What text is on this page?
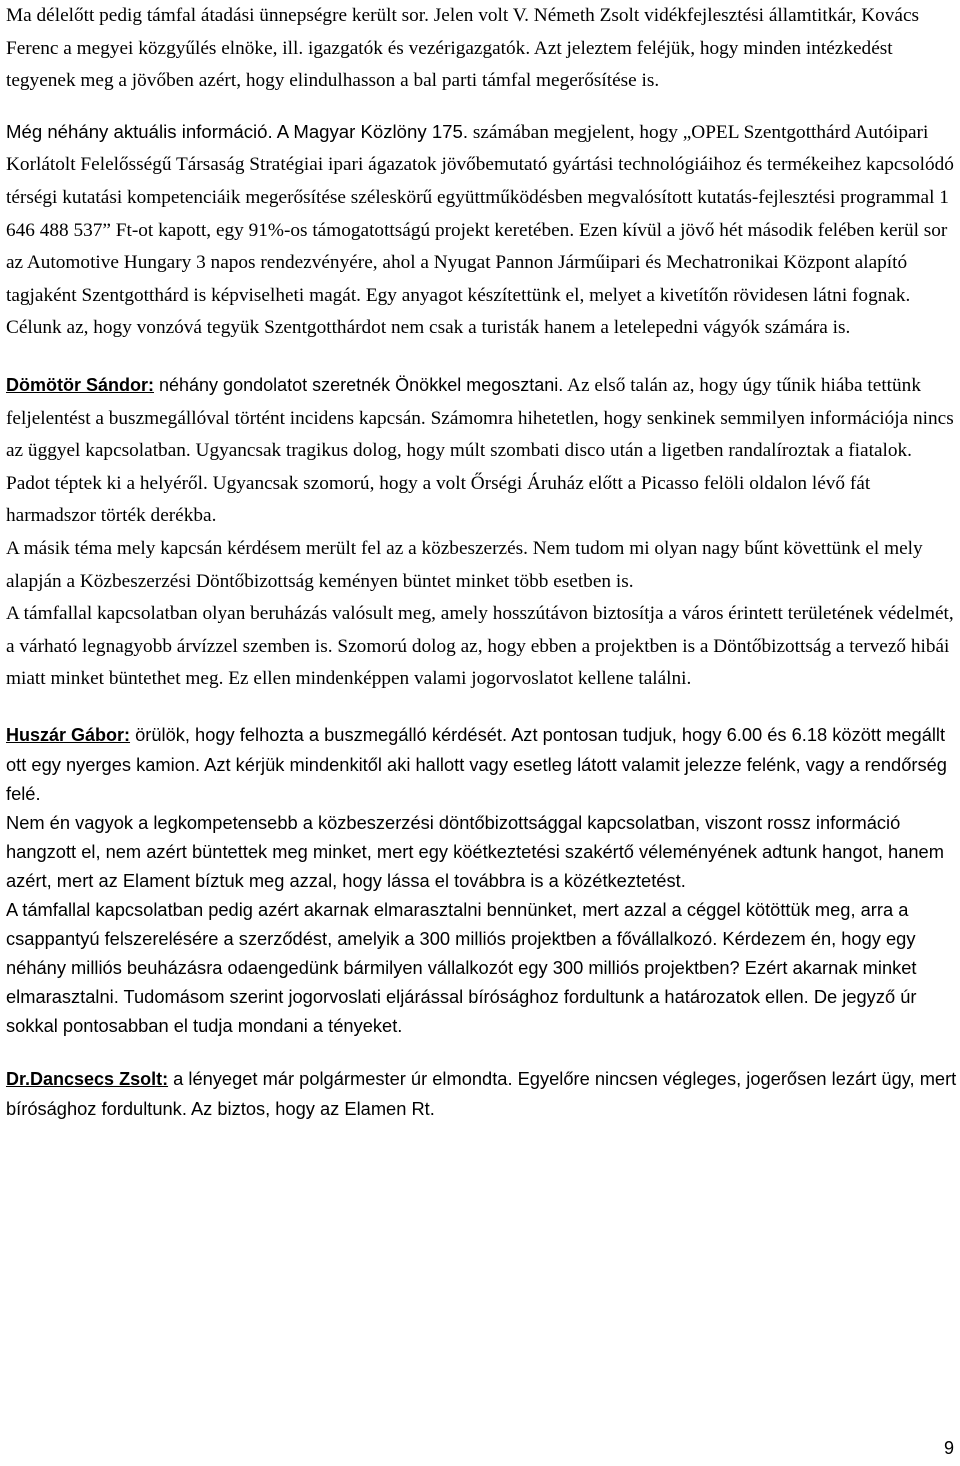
Ma délelőtt pedig támfal átadási ünnepségre került sor. Jelen volt V. Németh Zsolt vidékfejlesztési államtitkár, Kovács Ferenc a megyei közgyűlés elnöke, ill. igazgatók és vezérigazgatók. Azt jeleztem feléjük, hogy minden intézkedést tegyenek meg a jövőben azért, hogy elindulhasson a bal parti támfal megerősítése is.

Még néhány aktuális információ. A Magyar Közlöny 175. számában megjelent, hogy „OPEL Szentgotthárd Autóipari Korlátolt Felelősségű Társaság Stratégiai ipari ágazatok jövőbemutató gyártási technológiáihoz és termékeihez kapcsolódó térségi kutatási kompetenciáik megerősítése széleskörű együttműködésben megvalósított kutatás-fejlesztési programmal 1 646 488 537” Ft-ot kapott, egy 91%-os támogatottságú projekt keretében. Ezen kívül a jövő hét második felében kerül sor az Automotive Hungary 3 napos rendezvényére, ahol a Nyugat Pannon Járműipari és Mechatronikai Központ alapító tagjaként Szentgotthárd is képviselheti magát. Egy anyagot készítettünk el, melyet a kivetítőn rövidesen látni fognak. Célunk az, hogy vonzóvá tegyük Szentgotthárdot nem csak a turisták hanem a letelepedni vágyók számára is.

Dömötör Sándor: néhány gondolatot szeretnék Önökkel megosztani. Az első talán az, hogy úgy tűnik hiába tettünk feljelentést a buszmegállóval történt incidens kapcsán. Számomra hihetetlen, hogy senkinek semmilyen információja nincs az üggyel kapcsolatban. Ugyancsak tragikus dolog, hogy múlt szombati disco után a ligetben randalíroztak a fiatalok. Padot téptek ki a helyéről. Ugyancsak szomorú, hogy a volt Őrségi Áruház előtt a Picasso felöli oldalon lévő fát harmadszor törték derékba.

A másik téma mely kapcsán kérdésem merült fel az a közbeszerzés. Nem tudom mi olyan nagy bűnt követtünk el mely alapján a Közbeszerzési Döntőbizottság keményen büntet minket több esetben is.

A támfallal kapcsolatban olyan beruházás valósult meg, amely hosszútávon biztosítja a város érintett területének védelmét, a várható legnagyobb árvízzel szemben is. Szomorú dolog az, hogy ebben a projektben is a Döntőbizottság a tervező hibái miatt minket büntethet meg. Ez ellen mindenképpen valami jogorvoslatot kellene találni.

Huszár Gábor: örülök, hogy felhozta a buszmegálló kérdését. Azt pontosan tudjuk, hogy 6.00 és 6.18 között megállt ott egy nyerges kamion. Azt kérjük mindenkitől aki hallott vagy esetleg látott valamit jelezze felénk, vagy a rendőrség felé.

Nem én vagyok a legkompetensebb a közbeszerzési döntőbizottsággal kapcsolatban, viszont rossz információ hangzott el, nem azért büntettek meg minket, mert egy köétkeztetési szakértő véleményének adtunk hangot, hanem azért, mert az Elament bíztuk meg azzal, hogy lássa el továbbra is a közétkeztetést.

A támfallal kapcsolatban pedig azért akarnak elmarasztalni bennünket, mert azzal a céggel kötöttük meg, arra a csappantyú felszerelésére a szerződést, amelyik a 300 milliós projektben a fővállalkozó. Kérdezem én, hogy egy néhány milliós beuházásra odaengedünk bármilyen vállalkozót egy 300 milliós projektben? Ezért akarnak minket elmarasztalni. Tudomásom szerint jogorvoslati eljárással bírósághoz fordultunk a határozatok ellen. De jegyző úr sokkal pontosabban el tudja mondani a tényeket.

Dr.Dancsecs Zsolt: a lényeget már polgármester úr elmondta. Egyelőre nincsen végleges, jogerősen lezárt ügy, mert bírósághoz fordultunk. Az biztos, hogy az Elamen Rt.

9
